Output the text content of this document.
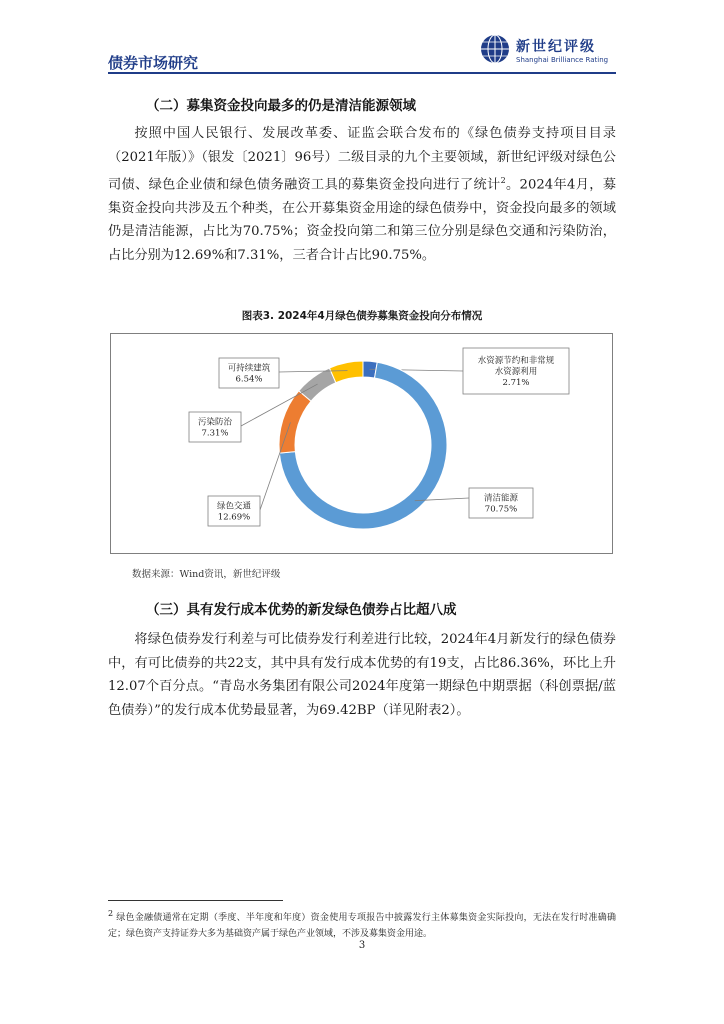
债券市场研究
新世纪评级
Shanghai Brilliance Rating
（二）募集资金投向最多的仍是清洁能源领域

按照中国人民银行、发展改革委、证监会联合发布的《绿色债券支持项目目录（2021年版）》（银发〔2021〕96号）二级目录的九个主要领域，新世纪评级对绿色公司债、绿色企业债和绿色债务融资工具的募集资金投向进行了统计$^2$。2024年4月，募集资金投向共涉及五个种类，在公开募集资金用途的绿色债券中，资金投向最多的领域仍是清洁能源，占比为70.75%；资金投向第二和第三位分别是绿色交通和污染防治，占比分别为12.69%和7.31%，三者合计占比90.75%。

图表3. 2024年4月绿色债券募集资金投向分布情况
水资源节约和非常规
水资源利用
2.71%
清洁能源
70.75%
绿色交通
12.69%
污染防治
7.31%
可持续建筑
6.54%
数据来源：Wind资讯，新世纪评级
（三）具有发行成本优势的新发绿色债券占比超八成

将绿色债券发行利差与可比债券发行利差进行比较，2024年4月新发行的绿色债券中，有可比债券的共22支，其中具有发行成本优势的有19支，占比86.36%，环比上升12.07个百分点。“青岛水务集团有限公司2024年度第一期绿色中期票据（科创票据/蓝色债券）”的发行成本优势最显著，为69.42BP（详见附表2）。

$^2$ 绿色金融债通常在定期（季度、半年度和年度）资金使用专项报告中披露发行主体募集资金实际投向，无法在发行时准确确定；绿色资产支持证券大多为基础资产属于绿色产业领域，不涉及募集资金用途。

3
